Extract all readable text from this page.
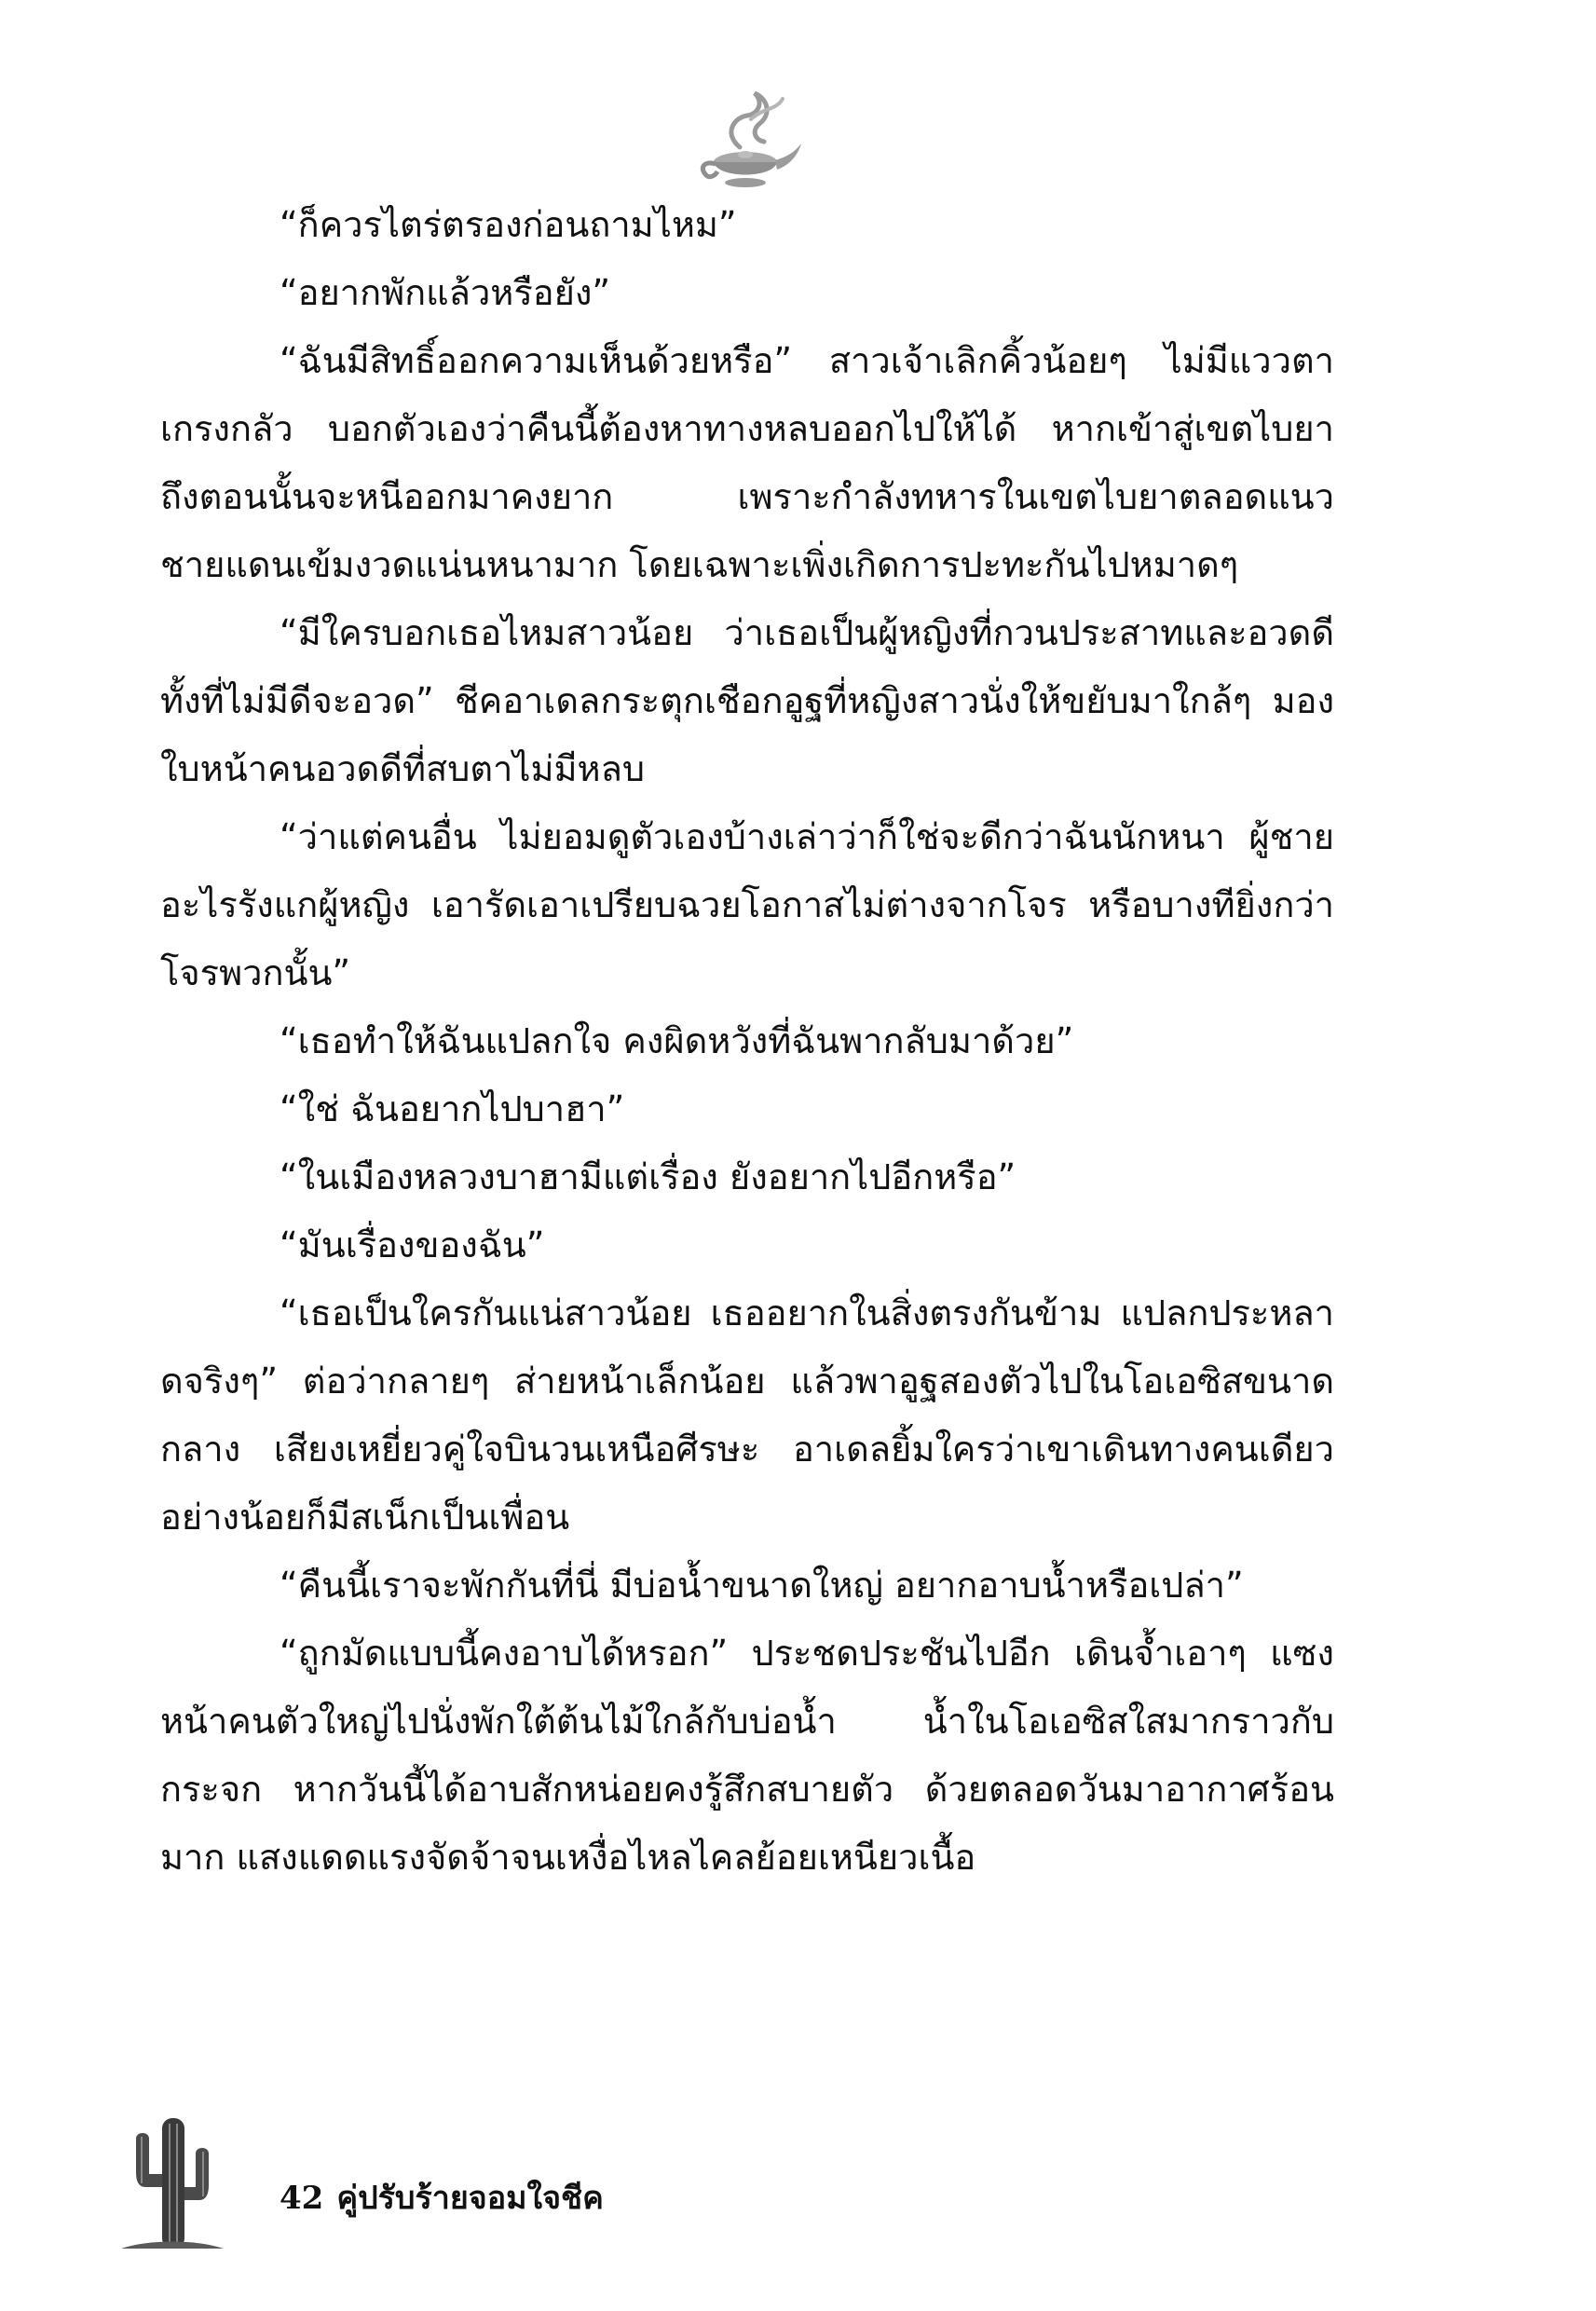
“ก็ควรไตร่ตรองก่อนถามไหม”

“อยากพักแล้วหรือยัง”

“ฉันมีสิทธิ์ออกความเห็นด้วยหรือ” สาวเจ้าเลิกคิ้วน้อยๆ ไม่มีแววตาเกรงกลัว บอกตัวเองว่าคืนนี้ต้องหาทางหลบออกไปให้ได้ หากเข้าสู่เขตไบยา ถึงตอนนั้นจะหนีออกมาคงยาก เพราะกำลังทหารในเขตไบยาตลอดแนวชายแดนเข้มงวดแน่นหนามาก โดยเฉพาะเพิ่งเกิดการปะทะกันไปหมาดๆ

“มีใครบอกเธอไหมสาวน้อย ว่าเธอเป็นผู้หญิงที่กวนประสาทและอวดดี ทั้งที่ไม่มีดีจะอวด” ชีคอาเดลกระตุกเชือกอูฐที่หญิงสาวนั่งให้ขยับมาใกล้ๆ มองใบหน้าคนอวดดีที่สบตาไม่มีหลบ

“ว่าแต่คนอื่น ไม่ยอมดูตัวเองบ้างเล่าว่าก็ใช่จะดีกว่าฉันนักหนา ผู้ชายอะไรรังแกผู้หญิง เอารัดเอาเปรียบฉวยโอกาสไม่ต่างจากโจร หรือบางทียิ่งกว่าโจรพวกนั้น”

“เธอทำให้ฉันแปลกใจ คงผิดหวังที่ฉันพากลับมาด้วย”

“ใช่ ฉันอยากไปบาฮา”

“ในเมืองหลวงบาฮามีแต่เรื่อง ยังอยากไปอีกหรือ”

“มันเรื่องของฉัน”

“เธอเป็นใครกันแน่สาวน้อย เธออยากในสิ่งตรงกันข้าม แปลกประหลาดจริงๆ” ต่อว่ากลายๆ ส่ายหน้าเล็กน้อย แล้วพาอูฐสองตัวไปในโอเอซิสขนาดกลาง เสียงเหยี่ยวคู่ใจบินวนเหนือศีรษะ อาเดลยิ้มใครว่าเขาเดินทางคนเดียว อย่างน้อยก็มีสเน็กเป็นเพื่อน

“คืนนี้เราจะพักกันที่นี่ มีบ่อน้ำขนาดใหญ่ อยากอาบน้ำหรือเปล่า”

“ถูกมัดแบบนี้คงอาบได้หรอก” ประชดประชันไปอีก เดินจ้ำเอาๆ แซงหน้าคนตัวใหญ่ไปนั่งพักใต้ต้นไม้ใกล้กับบ่อน้ำ น้ำในโอเอซิสใสมากราวกับกระจก หากวันนี้ได้อาบสักหน่อยคงรู้สึกสบายตัว ด้วยตลอดวันมาอากาศร้อนมาก แสงแดดแรงจัดจ้าจนเหงื่อไหลไคลย้อยเหนียวเนื้อ

42 คู่ปรับร้ายจอมใจชีค
